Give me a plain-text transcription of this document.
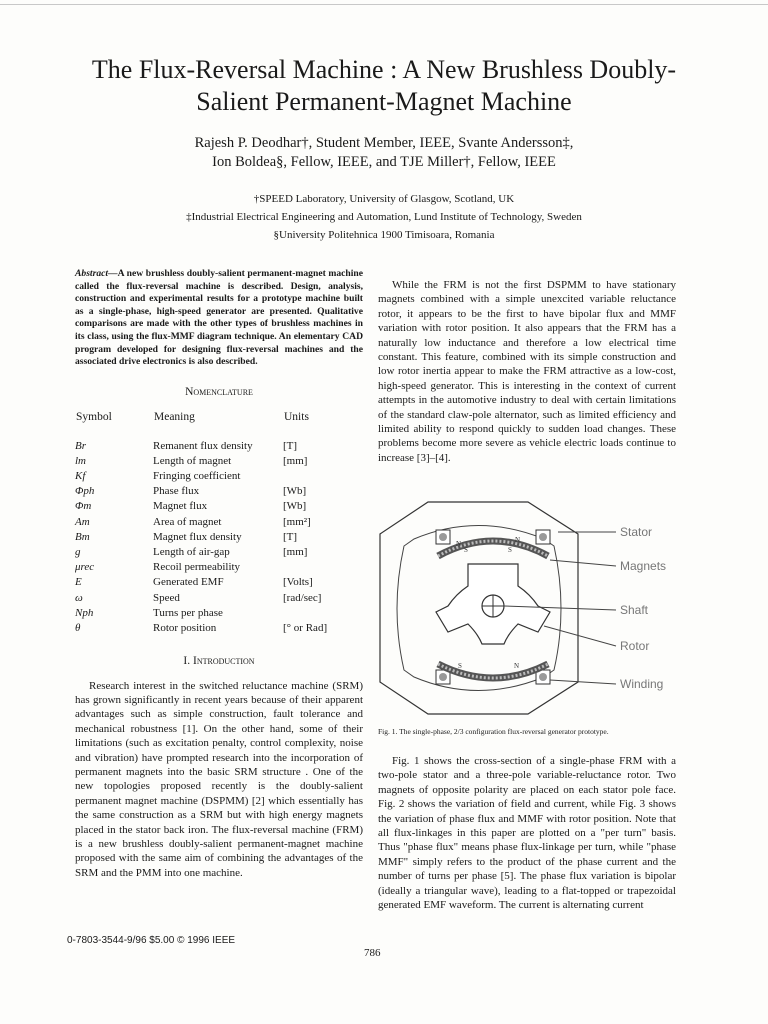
The Flux-Reversal Machine : A New Brushless Doubly-
Salient Permanent-Magnet Machine
Rajesh P. Deodhar†, Student Member, IEEE, Svante Andersson‡,
Ion Boldea§, Fellow, IEEE, and TJE Miller†, Fellow, IEEE
†SPEED Laboratory, University of Glasgow, Scotland, UK
‡Industrial Electrical Engineering and Automation, Lund Institute of Technology, Sweden
§University Politehnica 1900 Timisoara, Romania
Abstract—A new brushless doubly-salient permanent-magnet machine called the flux-reversal machine is described. Design, analysis, construction and experimental results for a prototype machine built as a single-phase, high-speed generator are presented. Qualitative comparisons are made with the other types of brushless machines in its class, using the flux-MMF diagram technique. An elementary CAD program developed for designing flux-reversal machines and the associated drive electronics is also described.
Nomenclature
Symbol	Meaning	Units
Br	Remanent flux density	[T]
lm	Length of magnet	[mm]
Kf	Fringing coefficient	
Φph	Phase flux	[Wb]
Φm	Magnet flux	[Wb]
Am	Area of magnet	[mm²]
Bm	Magnet flux density	[T]
g	Length of air-gap	[mm]
μrec	Recoil permeability	
E	Generated EMF	[Volts]
ω	Speed	[rad/sec]
Nph	Turns per phase	
θ	Rotor position	[° or Rad]
I. Introduction

Research interest in the switched reluctance machine (SRM) has grown significantly in recent years because of their apparent advantages such as simple construction, fault tolerance and mechanical robustness [1]. On the other hand, some of their limitations (such as excitation penalty, control complexity, noise and vibration) have prompted research into the incorporation of permanent magnets into the basic SRM structure . One of the new topologies proposed recently is the doubly-salient permanent magnet machine (DSPMM) [2] which essentially has the same construction as a SRM but with high energy magnets placed in the stator back iron. The flux-reversal machine (FRM) is a new brushless doubly-salient permanent-magnet machine proposed with the same aim of combining the advantages of the SRM and the PMM into one machine.

While the FRM is not the first DSPMM to have stationary magnets combined with a simple unexcited variable reluctance rotor, it appears to be the first to have bipolar flux and MMF variation with rotor position. It also appears that the FRM has a naturally low inductance and therefore a low electrical time constant. This feature, combined with its simple construction and low rotor inertia appear to make the FRM attractive as a low-cost, high-speed generator. This is interesting in the context of current attempts in the automotive industry to deal with certain limitations of the standard claw-pole alternator, such as limited efficiency and limited ability to respond quickly to sudden load changes. These problems become more severe as vehicle electric loads continue to increase [3]–[4].

N
S
N
S
S	N
Stator
Magnets
Shaft
Rotor
Winding
Fig. 1. The single-phase, 2/3 configuration flux-reversal generator prototype.

Fig. 1 shows the cross-section of a single-phase FRM with a two-pole stator and a three-pole variable-reluctance rotor. Two magnets of opposite polarity are placed on each stator pole face. Fig. 2 shows the variation of field and current, while Fig. 3 shows the variation of phase flux and MMF with rotor position. Note that all flux-linkages in this paper are plotted on a "per turn" basis. Thus "phase flux" means phase flux-linkage per turn, while "phase MMF" simply refers to the product of the phase current and the number of turns per phase [5]. The phase flux variation is bipolar (ideally a triangular wave), leading to a flat-topped or trapezoidal generated EMF waveform. The current is alternating current

0-7803-3544-9/96 $5.00 © 1996 IEEE
786
